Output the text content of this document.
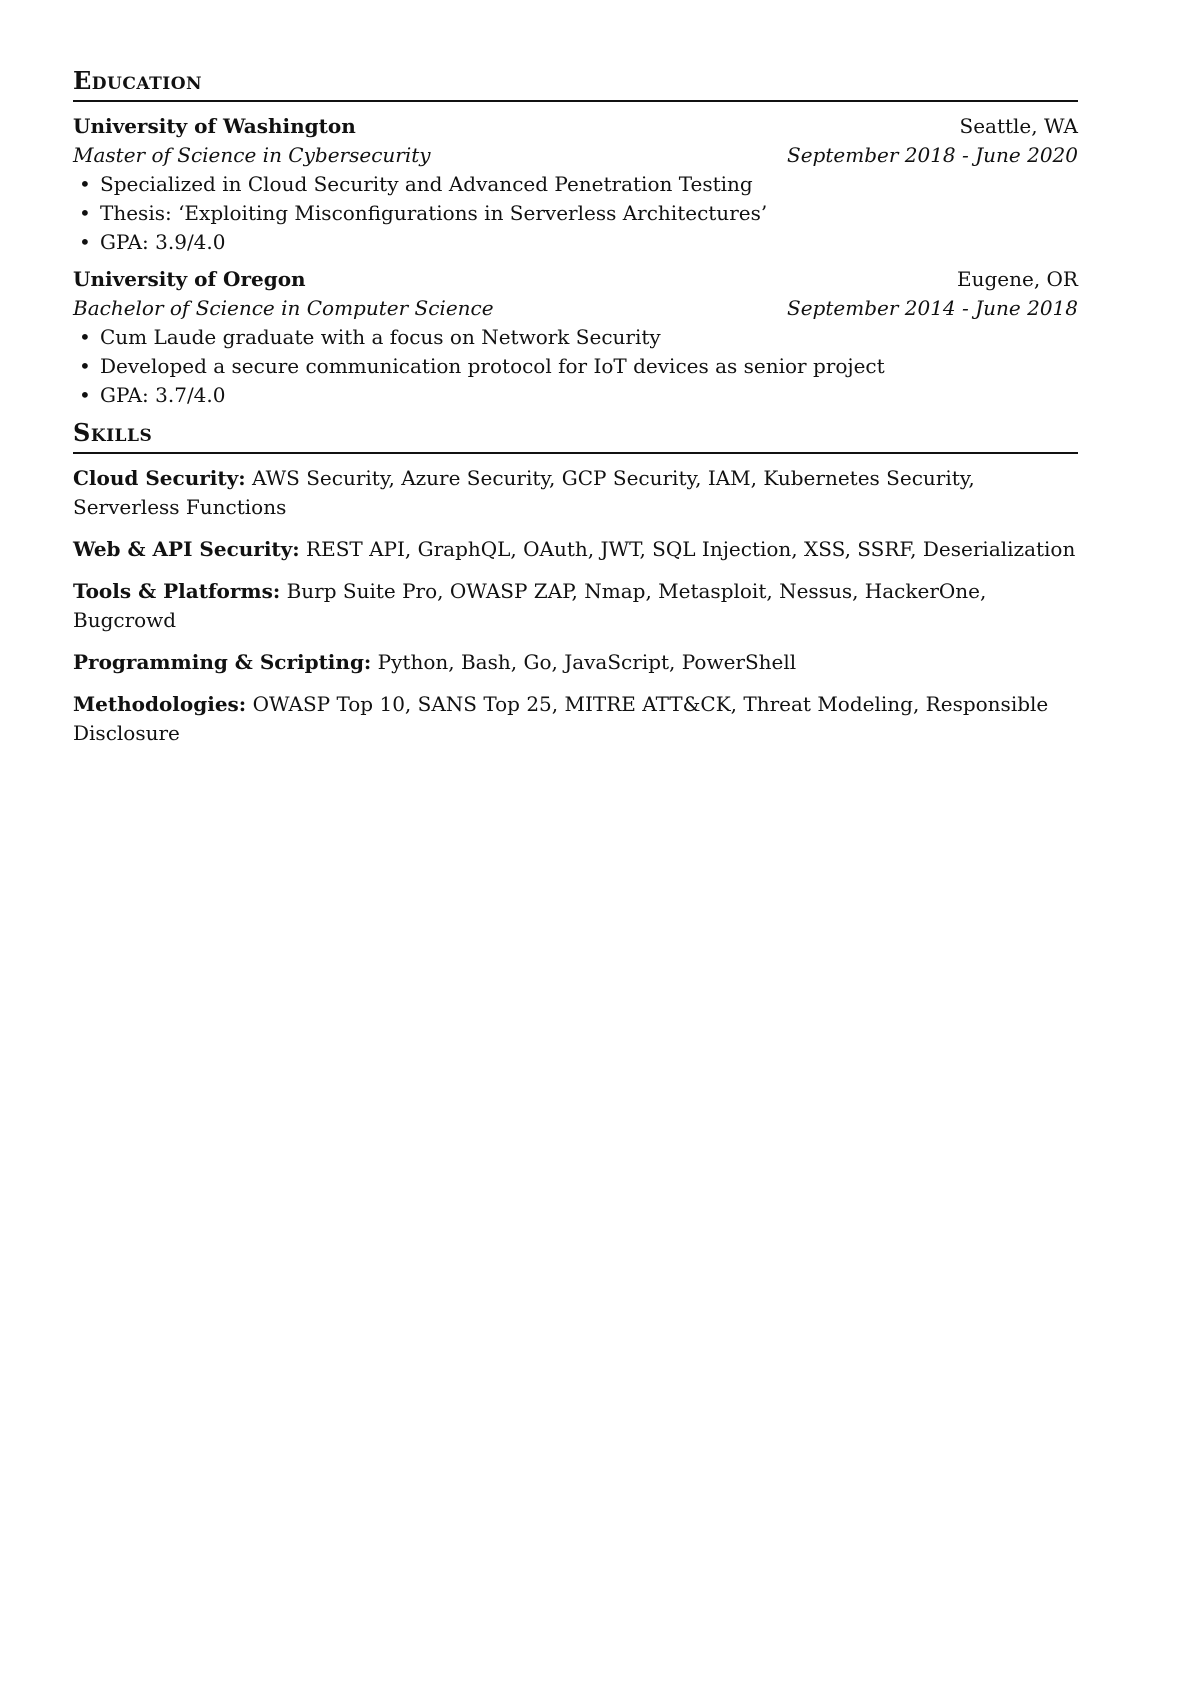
Education
University of Washington	Seattle, WA
Master of Science in Cybersecurity	September 2018 - June 2020
• Specialized in Cloud Security and Advanced Penetration Testing
• Thesis: ‘Exploiting Misconfigurations in Serverless Architectures’
• GPA: 3.9/4.0
University of Oregon	Eugene, OR
Bachelor of Science in Computer Science	September 2014 - June 2018
• Cum Laude graduate with a focus on Network Security
• Developed a secure communication protocol for IoT devices as senior project
• GPA: 3.7/4.0
Skills

Cloud Security: AWS Security, Azure Security, GCP Security, IAM, Kubernetes Security, Serverless Functions

Web & API Security: REST API, GraphQL, OAuth, JWT, SQL Injection, XSS, SSRF, Deserialization

Tools & Platforms: Burp Suite Pro, OWASP ZAP, Nmap, Metasploit, Nessus, HackerOne, Bugcrowd

Programming & Scripting: Python, Bash, Go, JavaScript, PowerShell

Methodologies: OWASP Top 10, SANS Top 25, MITRE ATT&CK, Threat Modeling, Responsible Disclosure
